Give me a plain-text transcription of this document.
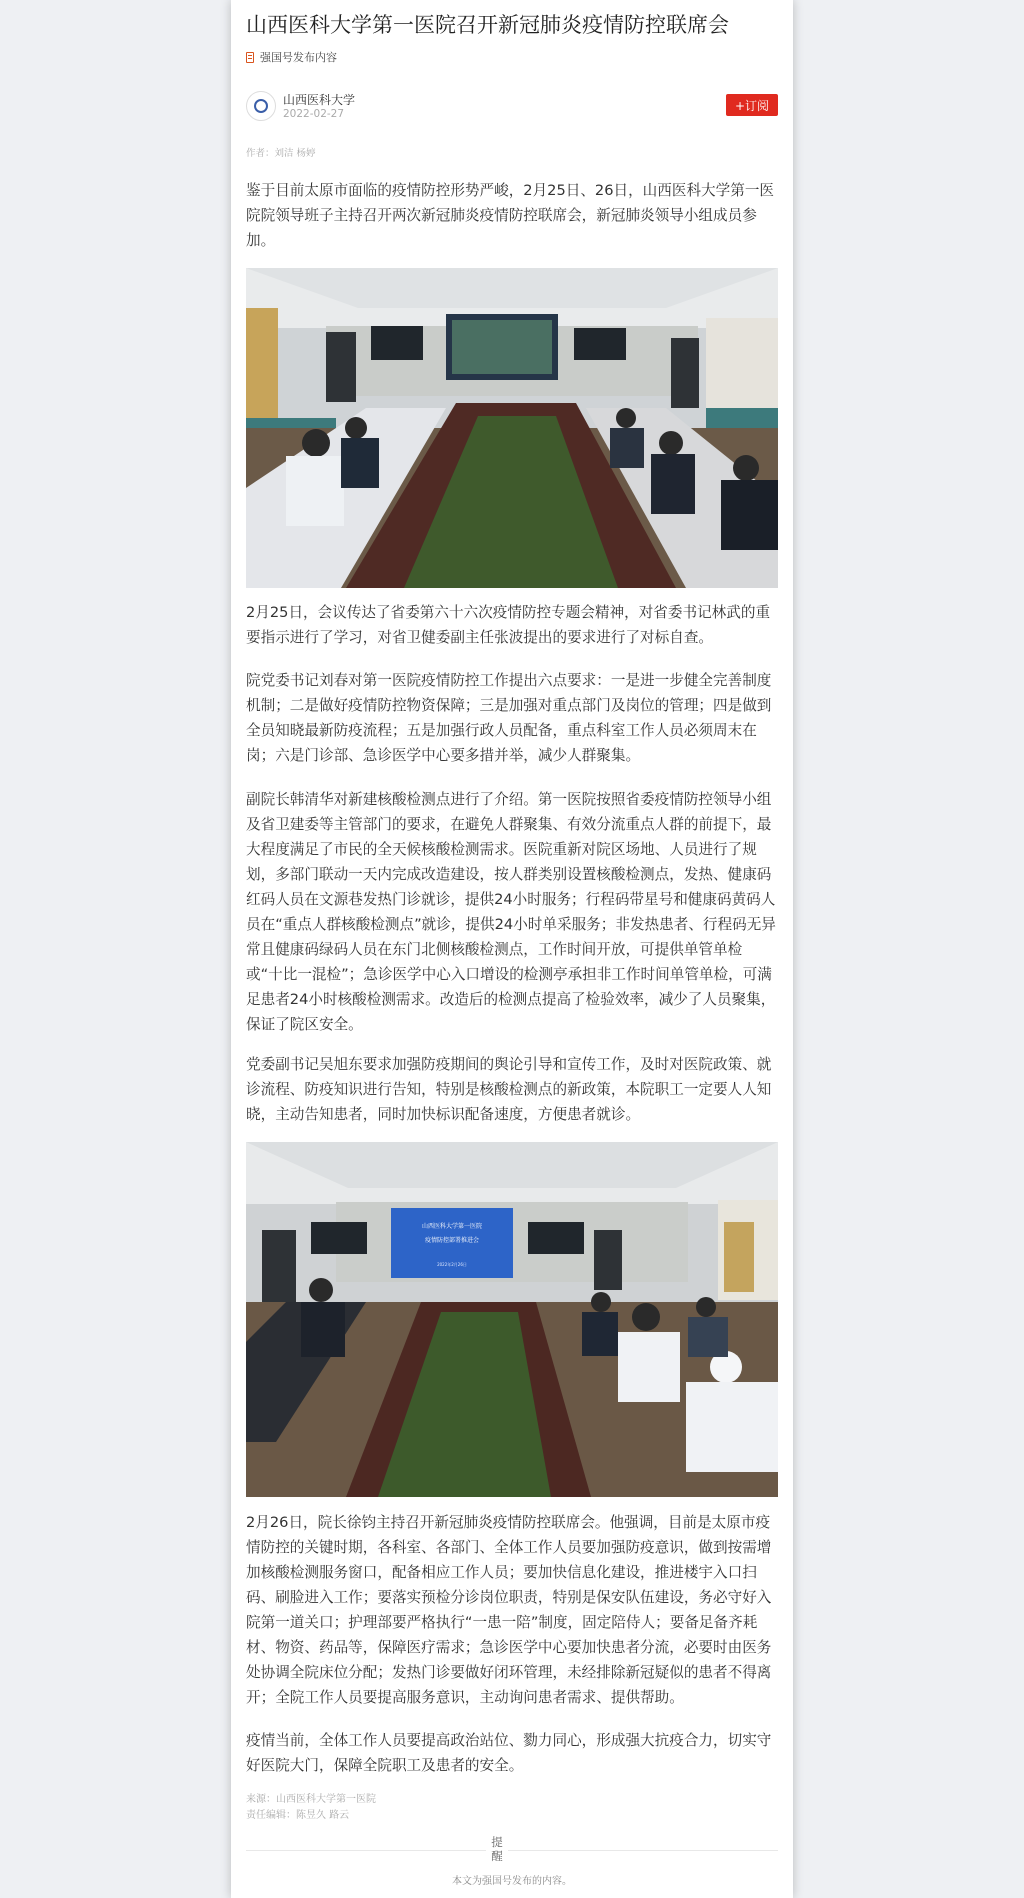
山西医科大学第一医院召开新冠肺炎疫情防控联席会
强国号发布内容
山西医科大学
2022-02-27
+订阅
作者：刘洁 杨婷

鉴于目前太原市面临的疫情防控形势严峻，2月25日、26日，山西医科大学第一医院院领导班子主持召开两次新冠肺炎疫情防控联席会，新冠肺炎领导小组成员参加。

2月25日，会议传达了省委第六十六次疫情防控专题会精神，对省委书记林武的重要指示进行了学习，对省卫健委副主任张波提出的要求进行了对标自查。

院党委书记刘春对第一医院疫情防控工作提出六点要求：一是进一步健全完善制度机制；二是做好疫情防控物资保障；三是加强对重点部门及岗位的管理；四是做到全员知晓最新防疫流程；五是加强行政人员配备，重点科室工作人员必须周末在岗；六是门诊部、急诊医学中心要多措并举，减少人群聚集。

副院长韩清华对新建核酸检测点进行了介绍。第一医院按照省委疫情防控领导小组及省卫建委等主管部门的要求，在避免人群聚集、有效分流重点人群的前提下，最大程度满足了市民的全天候核酸检测需求。医院重新对院区场地、人员进行了规划，多部门联动一天内完成改造建设，按人群类别设置核酸检测点，发热、健康码红码人员在文源巷发热门诊就诊，提供24小时服务；行程码带星号和健康码黄码人员在“重点人群核酸检测点”就诊，提供24小时单采服务；非发热患者、行程码无异常且健康码绿码人员在东门北侧核酸检测点，工作时间开放，可提供单管单检或“十比一混检”；急诊医学中心入口增设的检测亭承担非工作时间单管单检，可满足患者24小时核酸检测需求。改造后的检测点提高了检验效率，减少了人员聚集，保证了院区安全。

党委副书记吴旭东要求加强防疫期间的舆论引导和宣传工作，及时对医院政策、就诊流程、防疫知识进行告知，特别是核酸检测点的新政策，本院职工一定要人人知晓，主动告知患者，同时加快标识配备速度，方便患者就诊。

山西医科大学第一医院
疫情防控部署推进会
2022年2月26日

2月26日，院长徐钧主持召开新冠肺炎疫情防控联席会。他强调，目前是太原市疫情防控的关键时期，各科室、各部门、全体工作人员要加强防疫意识，做到按需增加核酸检测服务窗口，配备相应工作人员；要加快信息化建设，推进楼宇入口扫码、刷脸进入工作；要落实预检分诊岗位职责，特别是保安队伍建设，务必守好入院第一道关口；护理部要严格执行“一患一陪”制度，固定陪侍人；要备足备齐耗材、物资、药品等，保障医疗需求；急诊医学中心要加快患者分流，必要时由医务处协调全院床位分配；发热门诊要做好闭环管理，未经排除新冠疑似的患者不得离开；全院工作人员要提高服务意识，主动询问患者需求、提供帮助。

疫情当前，全体工作人员要提高政治站位、勠力同心，形成强大抗疫合力，切实守好医院大门，保障全院职工及患者的安全。

来源：山西医科大学第一医院
责任编辑：陈昱久 路云
提醒
本文为强国号发布的内容。
